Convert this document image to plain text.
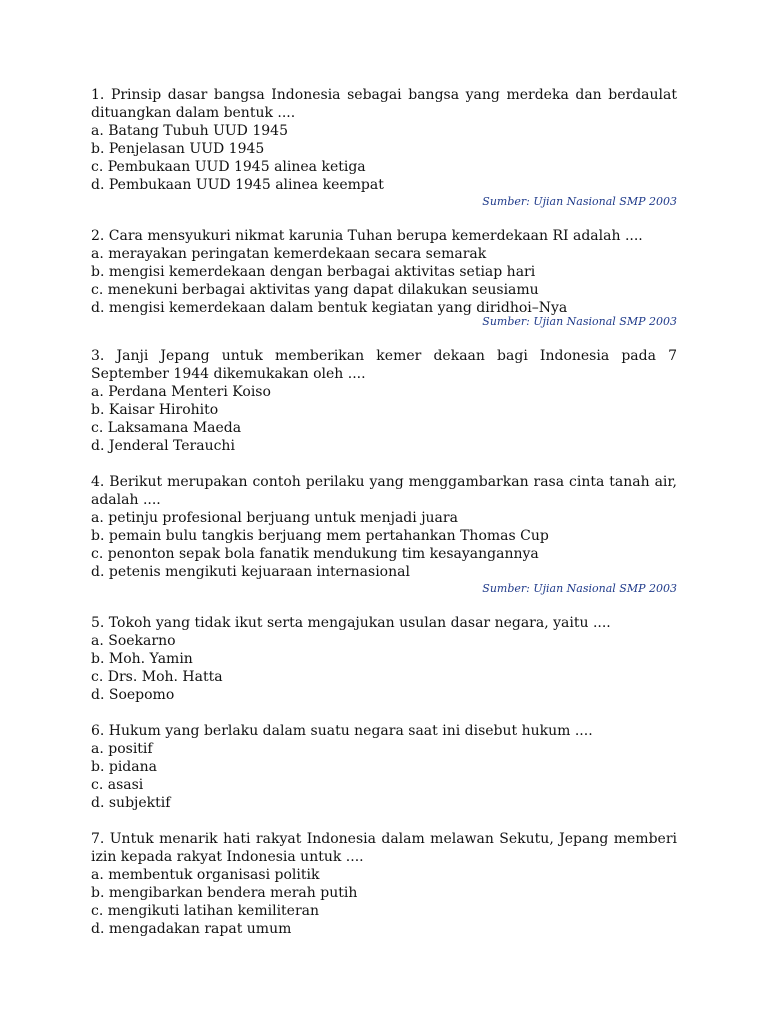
1. Prinsip dasar bangsa Indonesia sebagai bangsa yang merdeka dan berdaulat dituangkan dalam bentuk ....

a. Batang Tubuh UUD 1945

b. Penjelasan UUD 1945

c. Pembukaan UUD 1945 alinea ketiga

d. Pembukaan UUD 1945 alinea keempat

Sumber: Ujian Nasional SMP 2003

2. Cara mensyukuri nikmat karunia Tuhan berupa kemerdekaan RI adalah ....

a. merayakan peringatan kemerdekaan secara semarak

b. mengisi kemerdekaan dengan berbagai aktivitas setiap hari

c. menekuni berbagai aktivitas yang dapat dilakukan seusiamu

d. mengisi kemerdekaan dalam bentuk kegiatan yang diridhoi–Nya

Sumber: Ujian Nasional SMP 2003

3. Janji Jepang untuk memberikan kemer dekaan bagi Indonesia pada 7 September 1944 dikemukakan oleh ....

a. Perdana Menteri Koiso

b. Kaisar Hirohito

c. Laksamana Maeda

d. Jenderal Terauchi

4. Berikut merupakan contoh perilaku yang menggambarkan rasa cinta tanah air, adalah ....

a. petinju profesional berjuang untuk menjadi juara

b. pemain bulu tangkis berjuang mem pertahankan Thomas Cup

c. penonton sepak bola fanatik mendukung tim kesayangannya

d. petenis mengikuti kejuaraan internasional

Sumber: Ujian Nasional SMP 2003

5. Tokoh yang tidak ikut serta mengajukan usulan dasar negara, yaitu ....

a. Soekarno

b. Moh. Yamin

c. Drs. Moh. Hatta

d. Soepomo

6. Hukum yang berlaku dalam suatu negara saat ini disebut hukum ....

a. positif

b. pidana

c. asasi

d. subjektif

7. Untuk menarik hati rakyat Indonesia dalam melawan Sekutu, Jepang memberi izin kepada rakyat Indonesia untuk ....

a. membentuk organisasi politik

b. mengibarkan bendera merah putih

c. mengikuti latihan kemiliteran

d. mengadakan rapat umum
